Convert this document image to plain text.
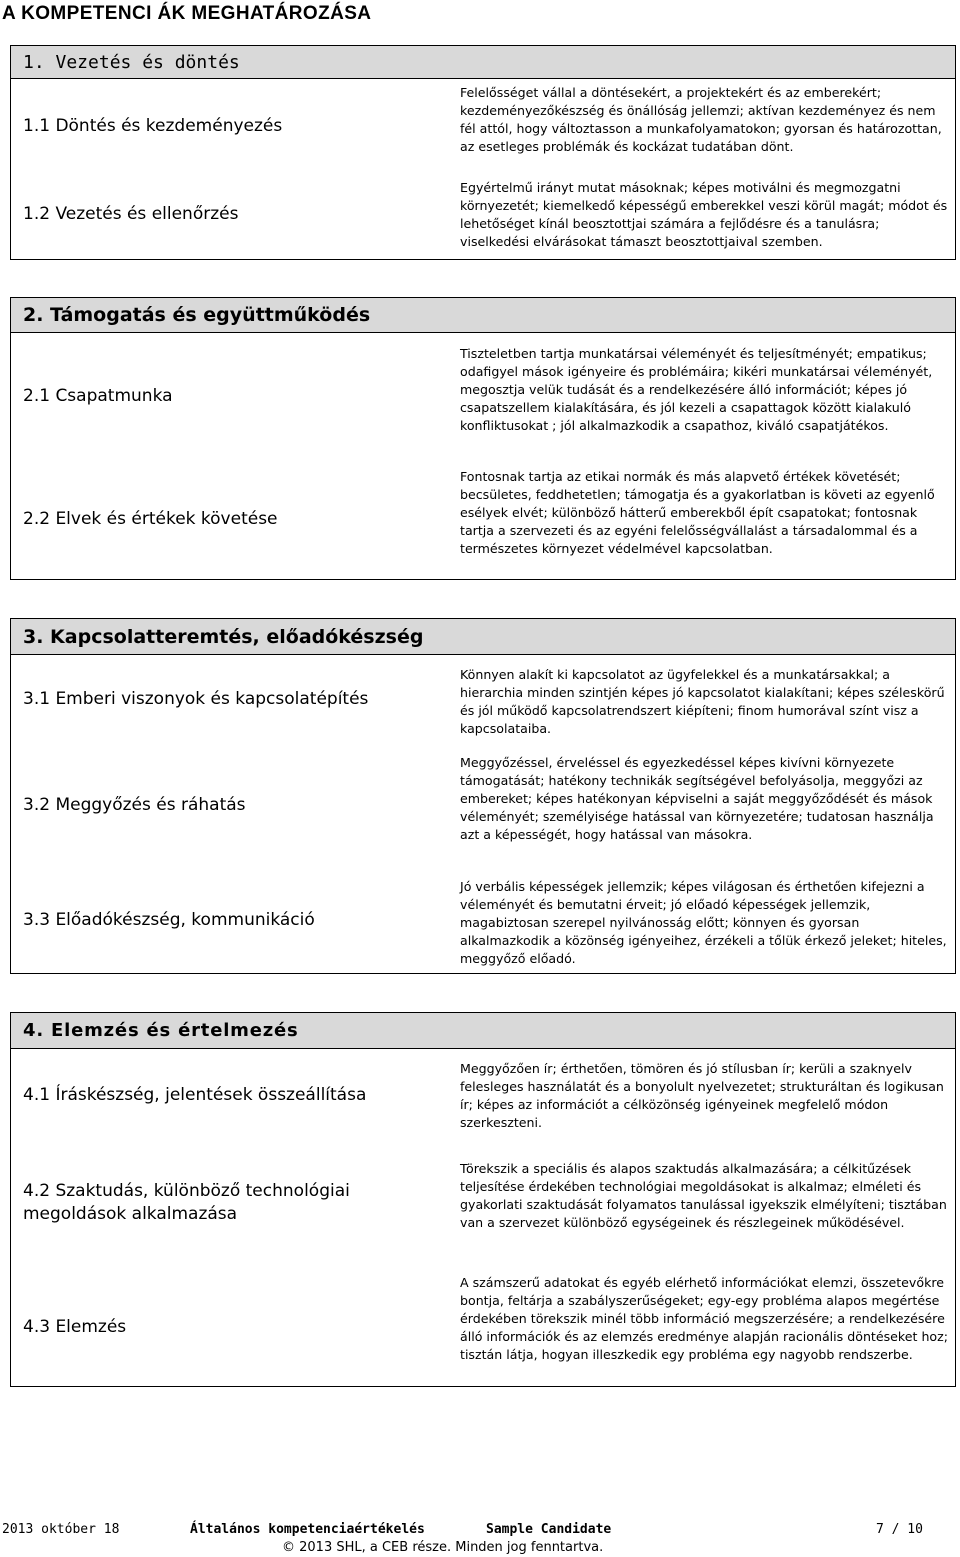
A KOMPETENCI ÁK MEGHATÁROZÁSA
1. Vezetés és döntés
1.1 Döntés és kezdeményezés
Felelősséget vállal a döntésekért, a projektekért és az emberekért; kezdeményezőkészség és önállóság jellemzi; aktívan kezdeményez és nem fél attól, hogy változtasson a munkafolyamatokon; gyorsan és határozottan, az esetleges problémák és kockázat tudatában dönt.
1.2 Vezetés és ellenőrzés
Egyértelmű irányt mutat másoknak; képes motiválni és megmozgatni környezetét; kiemelkedő képességű emberekkel veszi körül magát; módot és lehetőséget kínál beosztottjai számára a fejlődésre és a tanulásra; viselkedési elvárásokat támaszt beosztottjaival szemben.
2. Támogatás és együttműködés
2.1 Csapatmunka
Tiszteletben tartja munkatársai véleményét és teljesítményét; empatikus; odafigyel mások igényeire és problémáira; kikéri munkatársai véleményét, megosztja velük tudását és a rendelkezésére álló információt; képes jó csapatszellem kialakítására, és jól kezeli a csapattagok között kialakuló konfliktusokat ; jól alkalmazkodik a csapathoz, kiváló csapatjátékos.
2.2 Elvek és értékek követése
Fontosnak tartja az etikai normák és más alapvető értékek követését; becsületes, feddhetetlen; támogatja és a gyakorlatban is követi az egyenlő esélyek elvét; különböző hátterű emberekből épít csapatokat; fontosnak tartja a szervezeti és az egyéni felelősségvállalást a társadalommal és a természetes környezet védelmével kapcsolatban.
3. Kapcsolatteremtés, előadókészség
3.1 Emberi viszonyok és kapcsolatépítés
Könnyen alakít ki kapcsolatot az ügyfelekkel és a munkatársakkal; a hierarchia minden szintjén képes jó kapcsolatot kialakítani; képes széleskörű és jól működő kapcsolatrendszert kiépíteni; finom humorával színt visz a kapcsolataiba.
3.2 Meggyőzés és ráhatás
Meggyőzéssel, érveléssel és egyezkedéssel képes kivívni környezete támogatását; hatékony technikák segítségével befolyásolja, meggyőzi az embereket; képes hatékonyan képviselni a saját meggyőződését és mások véleményét; személyisége hatással van környezetére; tudatosan használja azt a képességét, hogy hatással van másokra.
3.3 Előadókészség, kommunikáció
Jó verbális képességek jellemzik; képes világosan és érthetően kifejezni a véleményét és bemutatni érveit; jó előadó képességek jellemzik, magabiztosan szerepel nyilvánosság előtt; könnyen és gyorsan alkalmazkodik a közönség igényeihez, érzékeli a tőlük érkező jeleket; hiteles, meggyőző előadó.
4. Elemzés és értelmezés
4.1 Íráskészség, jelentések összeállítása
Meggyőzően ír; érthetően, tömören és jó stílusban ír; kerüli a szaknyelv felesleges használatát és a bonyolult nyelvezetet; strukturáltan és logikusan ír; képes az információt a célközönség igényeinek megfelelő módon szerkeszteni.
4.2 Szaktudás, különböző technológiai megoldások alkalmazása
Törekszik a speciális és alapos szaktudás alkalmazására; a célkitűzések teljesítése érdekében technológiai megoldásokat is alkalmaz; elméleti és gyakorlati szaktudását folyamatos tanulással igyekszik elmélyíteni; tisztában van a szervezet különböző egységeinek és részlegeinek működésével.
4.3 Elemzés
A számszerű adatokat és egyéb elérhető információkat elemzi, összetevőkre bontja, feltárja a szabályszerűségeket; egy-egy probléma alapos megértése érdekében törekszik minél több információ megszerzésére; a rendelkezésére álló információk és az elemzés eredménye alapján racionális döntéseket hoz; tisztán látja, hogyan illeszkedik egy probléma egy nagyobb rendszerbe.
2013 október 18	Általános kompetenciaértékelés	Sample Candidate	7 / 10
© 2013 SHL, a CEB része. Minden jog fenntartva.
